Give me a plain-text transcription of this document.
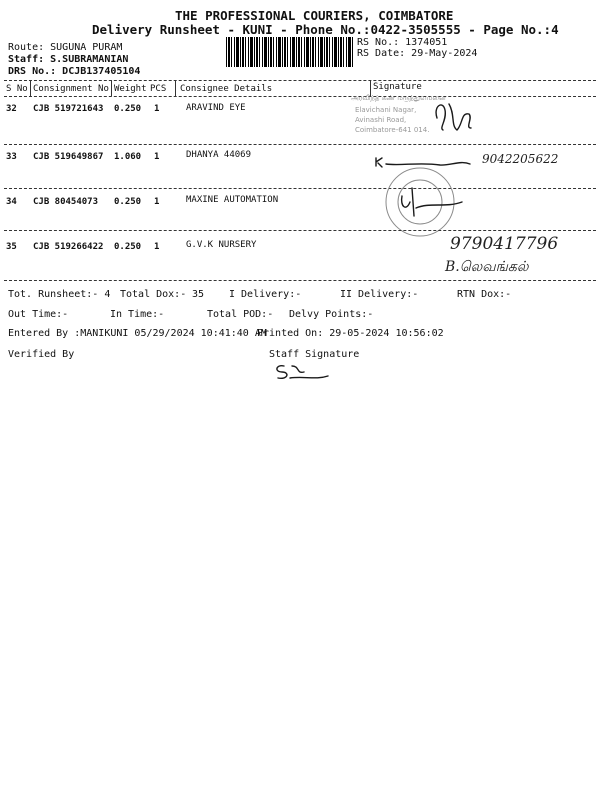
THE PROFESSIONAL COURIERS, COIMBATORE
Delivery Runsheet - KUNI - Phone No.:0422-3505555 - Page No.:4
Route: SUGUNA PURAM
Staff: S.SUBRAMANIAN
DRS No.: DCJB137405104
RS No.: 1374051
RS Date: 29-May-2024
S No Consignment No Weight PCS Consignee Details	Signature
32 CJB 519721643 0.250 1	ARAVIND EYE
அரவிந்த் கண் மருத்துவமனை
Elavichani Nagar,
Avinashi Road,
Coimbatore-641 014.
33 CJB 519649867 1.060 1	DHANYA 44069	9042205622
34 CJB 80454073 0.250 1	MAXINE AUTOMATION
35 CJB 519266422 0.250 1	G.V.K NURSERY	9790417796
B.லெவங்கல்
Tot. Runsheet:- 4 Total Dox:- 35 I Delivery:-	II Delivery:-	RTN Dox:-
Out Time:-	In Time:-	Total POD:- Delvy Points:-
Entered By :MANIKUNI 05/29/2024 10:41:40 AM
Printed On: 29-05-2024 10:56:02
Verified By	Staff Signature
